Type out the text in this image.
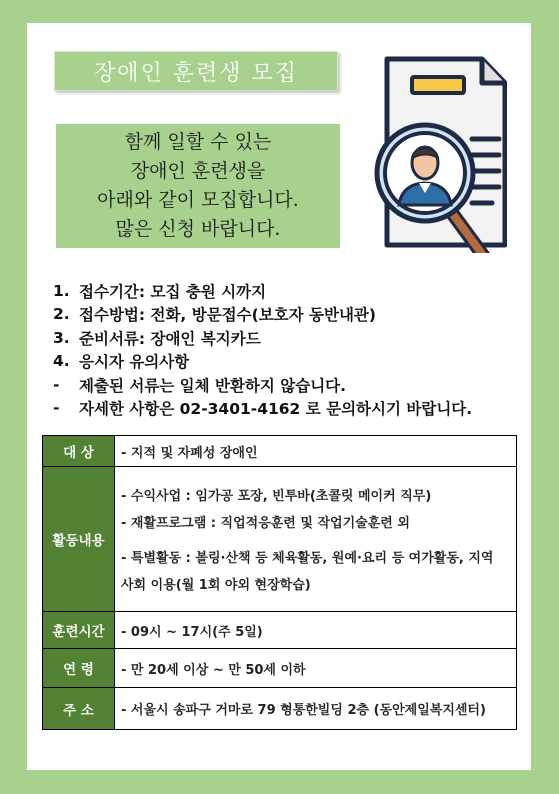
장애인 훈련생 모집
함께 일할 수 있는
장애인 훈련생을
아래와 같이 모집합니다.
많은 신청 바랍니다.
1. 접수기간: 모집 충원 시까지
2. 접수방법: 전화, 방문접수(보호자 동반내관)
3. 준비서류: 장애인 복지카드
4. 응시자 유의사항
-	제출된 서류는 일체 반환하지 않습니다.
-	자세한 사항은 02-3401-4162 로 문의하시기 바랍니다.
대 상	- 지적 및 자폐성 장애인
활동내용	- 수익사업 : 임가공 포장, 빈투바(초콜릿 메이커 직무)
- 재활프로그램 : 직업적응훈련 및 작업기술훈련 외
- 특별활동 : 볼링·산책 등 체육활동, 원예·요리 등 여가활동, 지역
사회 이용(월 1회 야외 현장학습)

훈련시간	- 09시 ~ 17시(주 5일)
연 령	- 만 20세 이상 ~ 만 50세 이하
주 소	- 서울시 송파구 거마로 79 형통한빌딩 2층 (동안제일복지센터)
